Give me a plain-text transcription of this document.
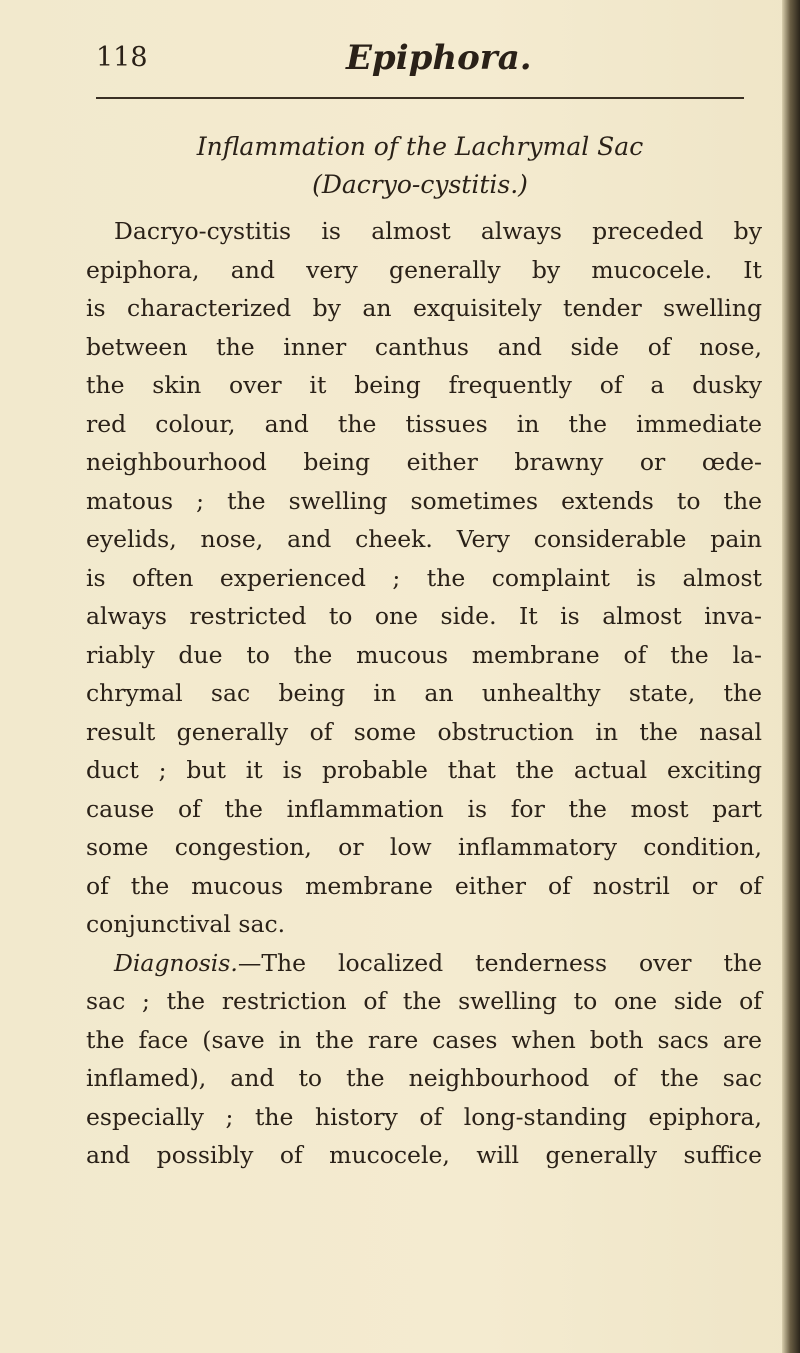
118	Epiphora.
Inflammation of the Lachrymal Sac
(Dacryo-cystitis.)
Dacryo-cystitis is almost always preceded by
epiphora, and very generally by mucocele. It
is characterized by an exquisitely tender swelling
between the inner canthus and side of nose,
the skin over it being frequently of a dusky
red colour, and the tissues in the immediate
neighbourhood being either brawny or œde-
matous ; the swelling sometimes extends to the
eyelids, nose, and cheek. Very considerable pain
is often experienced ; the complaint is almost
always restricted to one side. It is almost inva-
riably due to the mucous membrane of the la-
chrymal sac being in an unhealthy state, the
result generally of some obstruction in the nasal
duct ; but it is probable that the actual exciting
cause of the inflammation is for the most part
some congestion, or low inflammatory condition,
of the mucous membrane either of nostril or of
conjunctival sac.
Diagnosis.—The localized tenderness over the
sac ; the restriction of the swelling to one side of
the face (save in the rare cases when both sacs are
inflamed), and to the neighbourhood of the sac
especially ; the history of long-standing epiphora,
and possibly of mucocele, will generally suffice
